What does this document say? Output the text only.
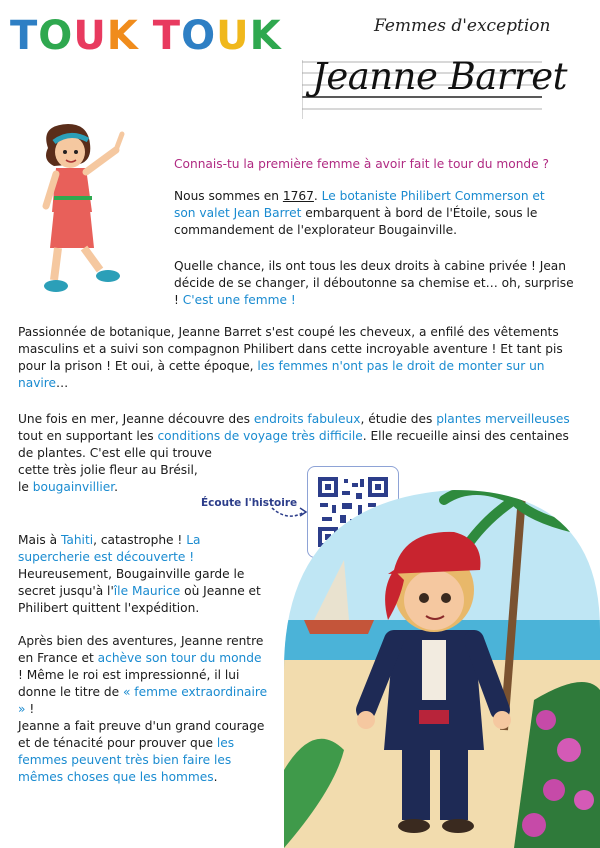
TOUK TOUK	Femmes d'exception
Jeanne Barret
Connais-tu la première femme à avoir fait le tour du monde ?

Nous sommes en 1767. Le botaniste Philibert Commerson et son valet Jean Barret embarquent à bord de l'Étoile, sous le commandement de l'explorateur Bougainville.

Quelle chance, ils ont tous les deux droits à cabine privée ! Jean décide de se changer, il déboutonne sa chemise et… oh, surprise ! C'est une femme !

Passionnée de botanique, Jeanne Barret s'est coupé les cheveux, a enfilé des vêtements masculins et a suivi son compagnon Philibert dans cette incroyable aventure ! Et tant pis pour la prison ! Et oui, à cette époque, les femmes n'ont pas le droit de monter sur un navire…

Une fois en mer, Jeanne découvre des endroits fabuleux, étudie des plantes merveilleuses tout en supportant les conditions de voyage très difficile. Elle recueille ainsi des centaines de plantes. C'est elle qui trouve

cette très jolie fleur au Brésil,

le bougainvillier.

Écoute l'histoire

Mais à Tahiti, catastrophe ! La supercherie est découverte ! Heureusement, Bougainville garde le secret jusqu'à l'île Maurice où Jeanne et Philibert quittent l'expédition.

Après bien des aventures, Jeanne rentre en France et achève son tour du monde ! Même le roi est impressionné, il lui donne le titre de « femme extraordinaire » !

Jeanne a fait preuve d'un grand courage et de ténacité pour prouver que les femmes peuvent très bien faire les mêmes choses que les hommes.
